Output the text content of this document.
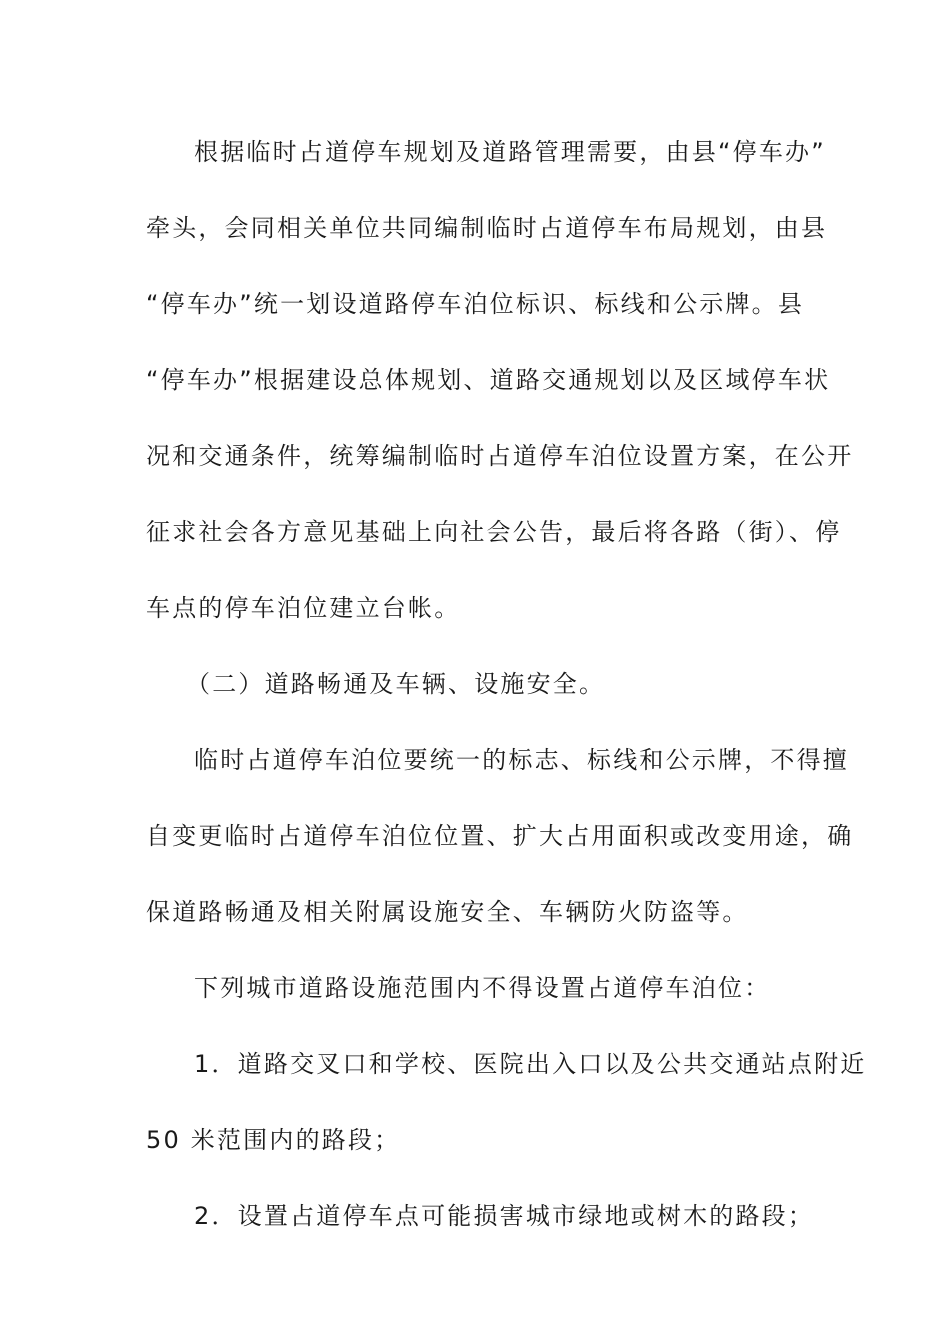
根据临时占道停车规划及道路管理需要，由县“停车办”
牵头，会同相关单位共同编制临时占道停车布局规划，由县
“停车办”统一划设道路停车泊位标识、标线和公示牌。县
“停车办”根据建设总体规划、道路交通规划以及区域停车状
况和交通条件，统筹编制临时占道停车泊位设置方案，在公开
征求社会各方意见基础上向社会公告，最后将各路（街）、停
车点的停车泊位建立台帐。
（二）道路畅通及车辆、设施安全。
临时占道停车泊位要统一的标志、标线和公示牌，不得擅
自变更临时占道停车泊位位置、扩大占用面积或改变用途，确
保道路畅通及相关附属设施安全、车辆防火防盗等。
下列城市道路设施范围内不得设置占道停车泊位：
1．道路交叉口和学校、医院出入口以及公共交通站点附近
50 米范围内的路段；
2．设置占道停车点可能损害城市绿地或树木的路段；
